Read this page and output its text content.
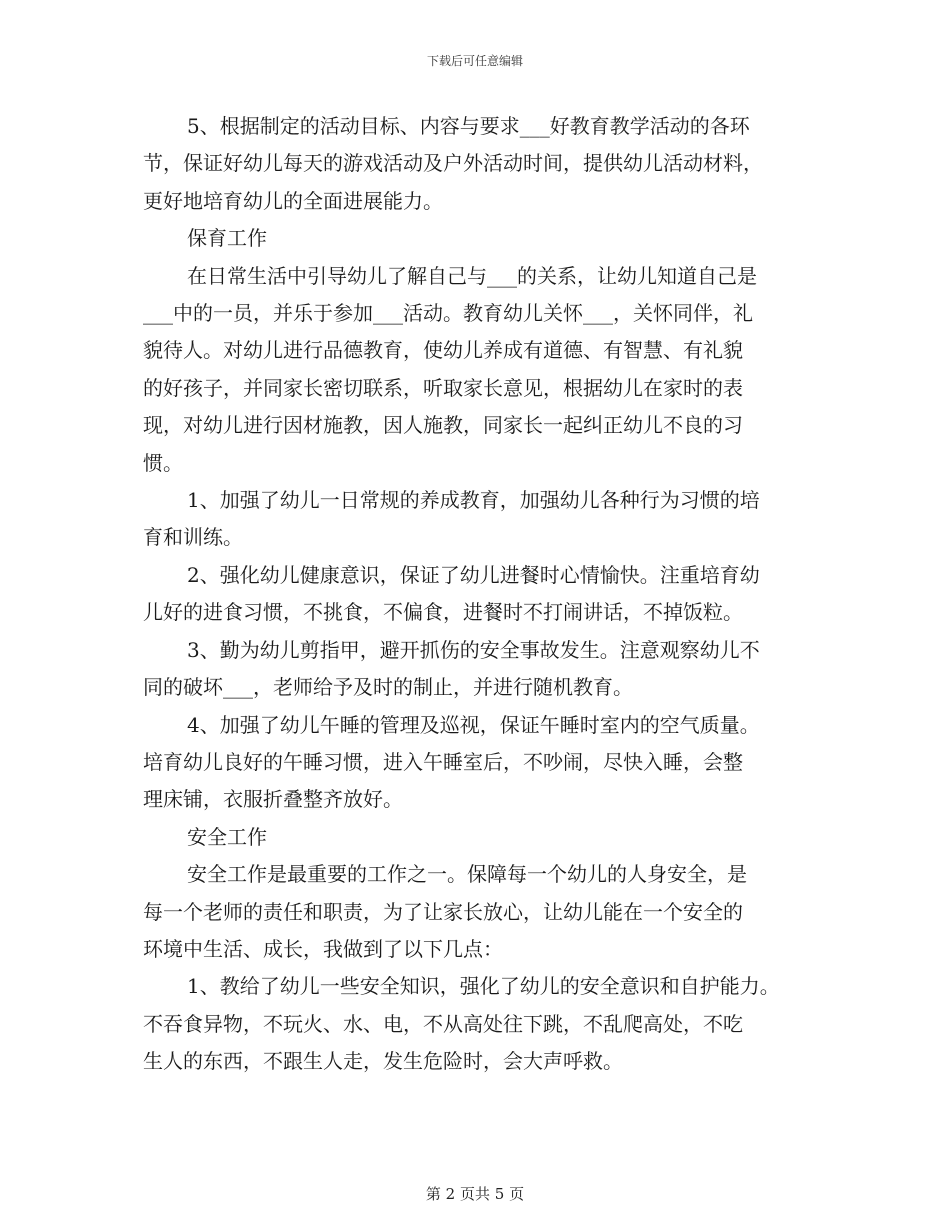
下载后可任意编辑
5、根据制定的活动目标、内容与要求___好教育教学活动的各环
节，保证好幼儿每天的游戏活动及户外活动时间，提供幼儿活动材料，
更好地培育幼儿的全面进展能力。
保育工作
在日常生活中引导幼儿了解自己与___的关系，让幼儿知道自己是
___中的一员，并乐于参加___活动。教育幼儿关怀___，关怀同伴，礼
貌待人。对幼儿进行品德教育，使幼儿养成有道德、有智慧、有礼貌
的好孩子，并同家长密切联系，听取家长意见，根据幼儿在家时的表
现，对幼儿进行因材施教，因人施教，同家长一起纠正幼儿不良的习
惯。
1、加强了幼儿一日常规的养成教育，加强幼儿各种行为习惯的培
育和训练。
2、强化幼儿健康意识，保证了幼儿进餐时心情愉快。注重培育幼
儿好的进食习惯，不挑食，不偏食，进餐时不打闹讲话，不掉饭粒。
3、勤为幼儿剪指甲，避开抓伤的安全事故发生。注意观察幼儿不
同的破坏___，老师给予及时的制止，并进行随机教育。
4、加强了幼儿午睡的管理及巡视，保证午睡时室内的空气质量。
培育幼儿良好的午睡习惯，进入午睡室后，不吵闹，尽快入睡，会整
理床铺，衣服折叠整齐放好。
安全工作
安全工作是最重要的工作之一。保障每一个幼儿的人身安全，是
每一个老师的责任和职责，为了让家长放心，让幼儿能在一个安全的
环境中生活、成长，我做到了以下几点：
1、教给了幼儿一些安全知识，强化了幼儿的安全意识和自护能力。
不吞食异物，不玩火、水、电，不从高处往下跳，不乱爬高处，不吃
生人的东西，不跟生人走，发生危险时，会大声呼救。
第 2 页共 5 页
